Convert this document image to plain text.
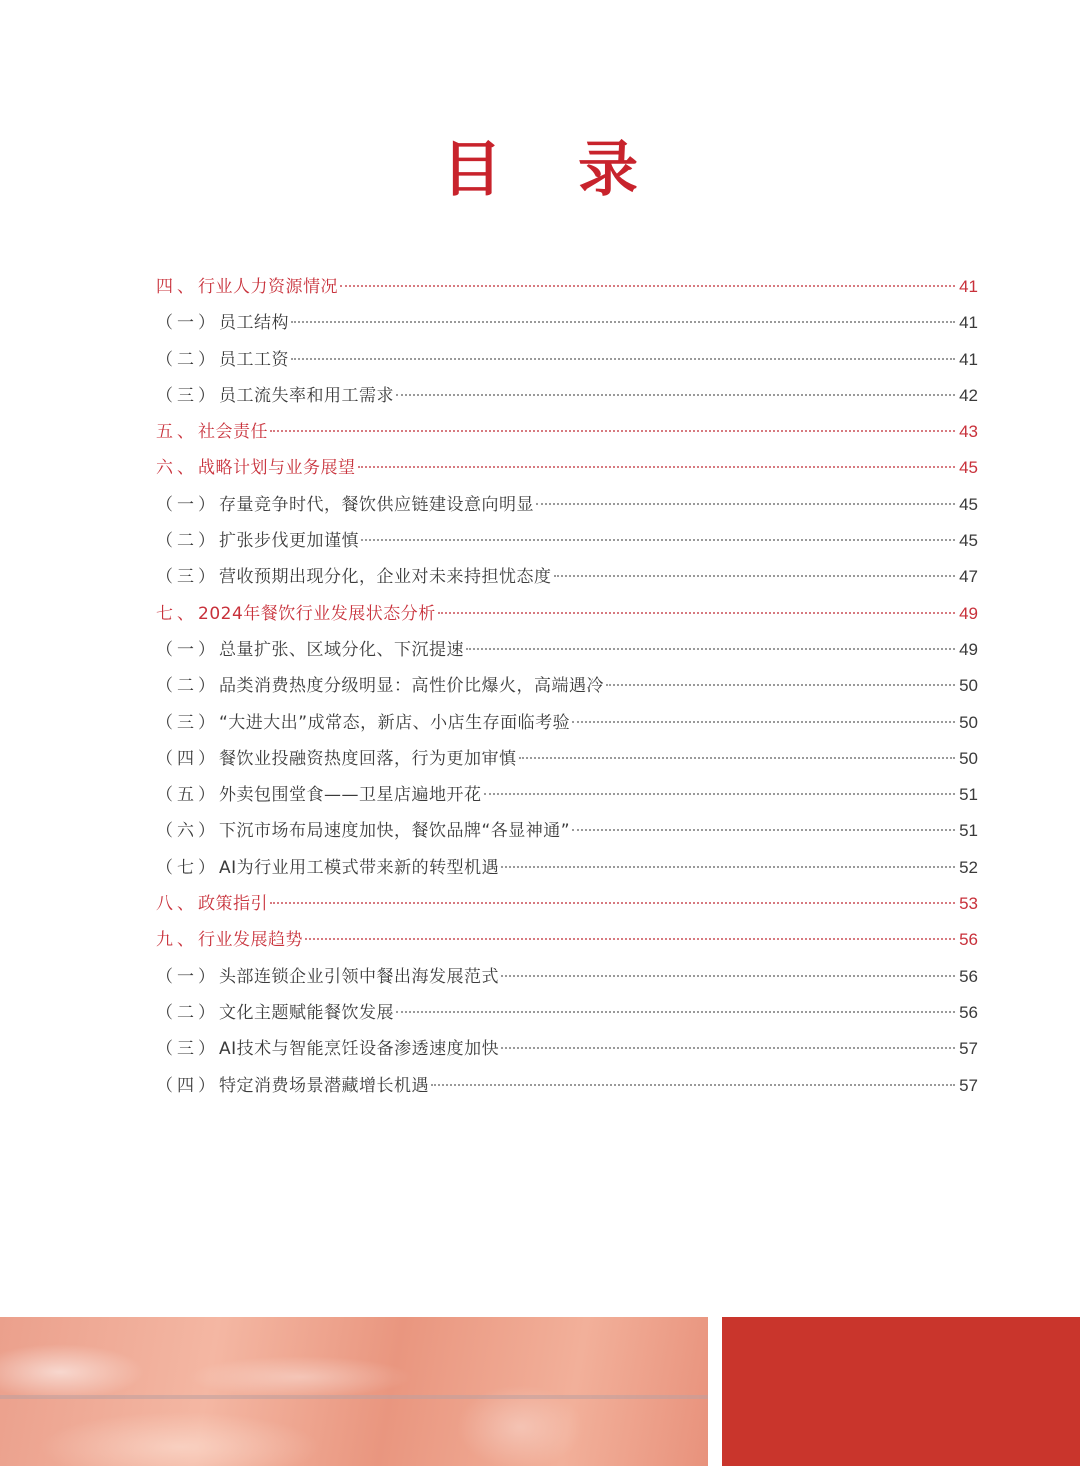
目录
四、行业人力资源情况	41
（一）员工结构	41
（二）员工工资	41
（三）员工流失率和用工需求	42
五、社会责任	43
六、战略计划与业务展望	45
（一）存量竞争时代，餐饮供应链建设意向明显	45
（二）扩张步伐更加谨慎	45
（三）营收预期出现分化，企业对未来持担忧态度	47
七、2024年餐饮行业发展状态分析	49
（一）总量扩张、区域分化、下沉提速	49
（二）品类消费热度分级明显：高性价比爆火，高端遇冷	50
（三）“大进大出”成常态，新店、小店生存面临考验	50
（四）餐饮业投融资热度回落，行为更加审慎	50
（五）外卖包围堂食——卫星店遍地开花	51
（六）下沉市场布局速度加快，餐饮品牌“各显神通”	51
（七）AI为行业用工模式带来新的转型机遇	52
八、政策指引	53
九、行业发展趋势	56
（一）头部连锁企业引领中餐出海发展范式	56
（二）文化主题赋能餐饮发展	56
（三）AI技术与智能烹饪设备渗透速度加快	57
（四）特定消费场景潜藏增长机遇	57
